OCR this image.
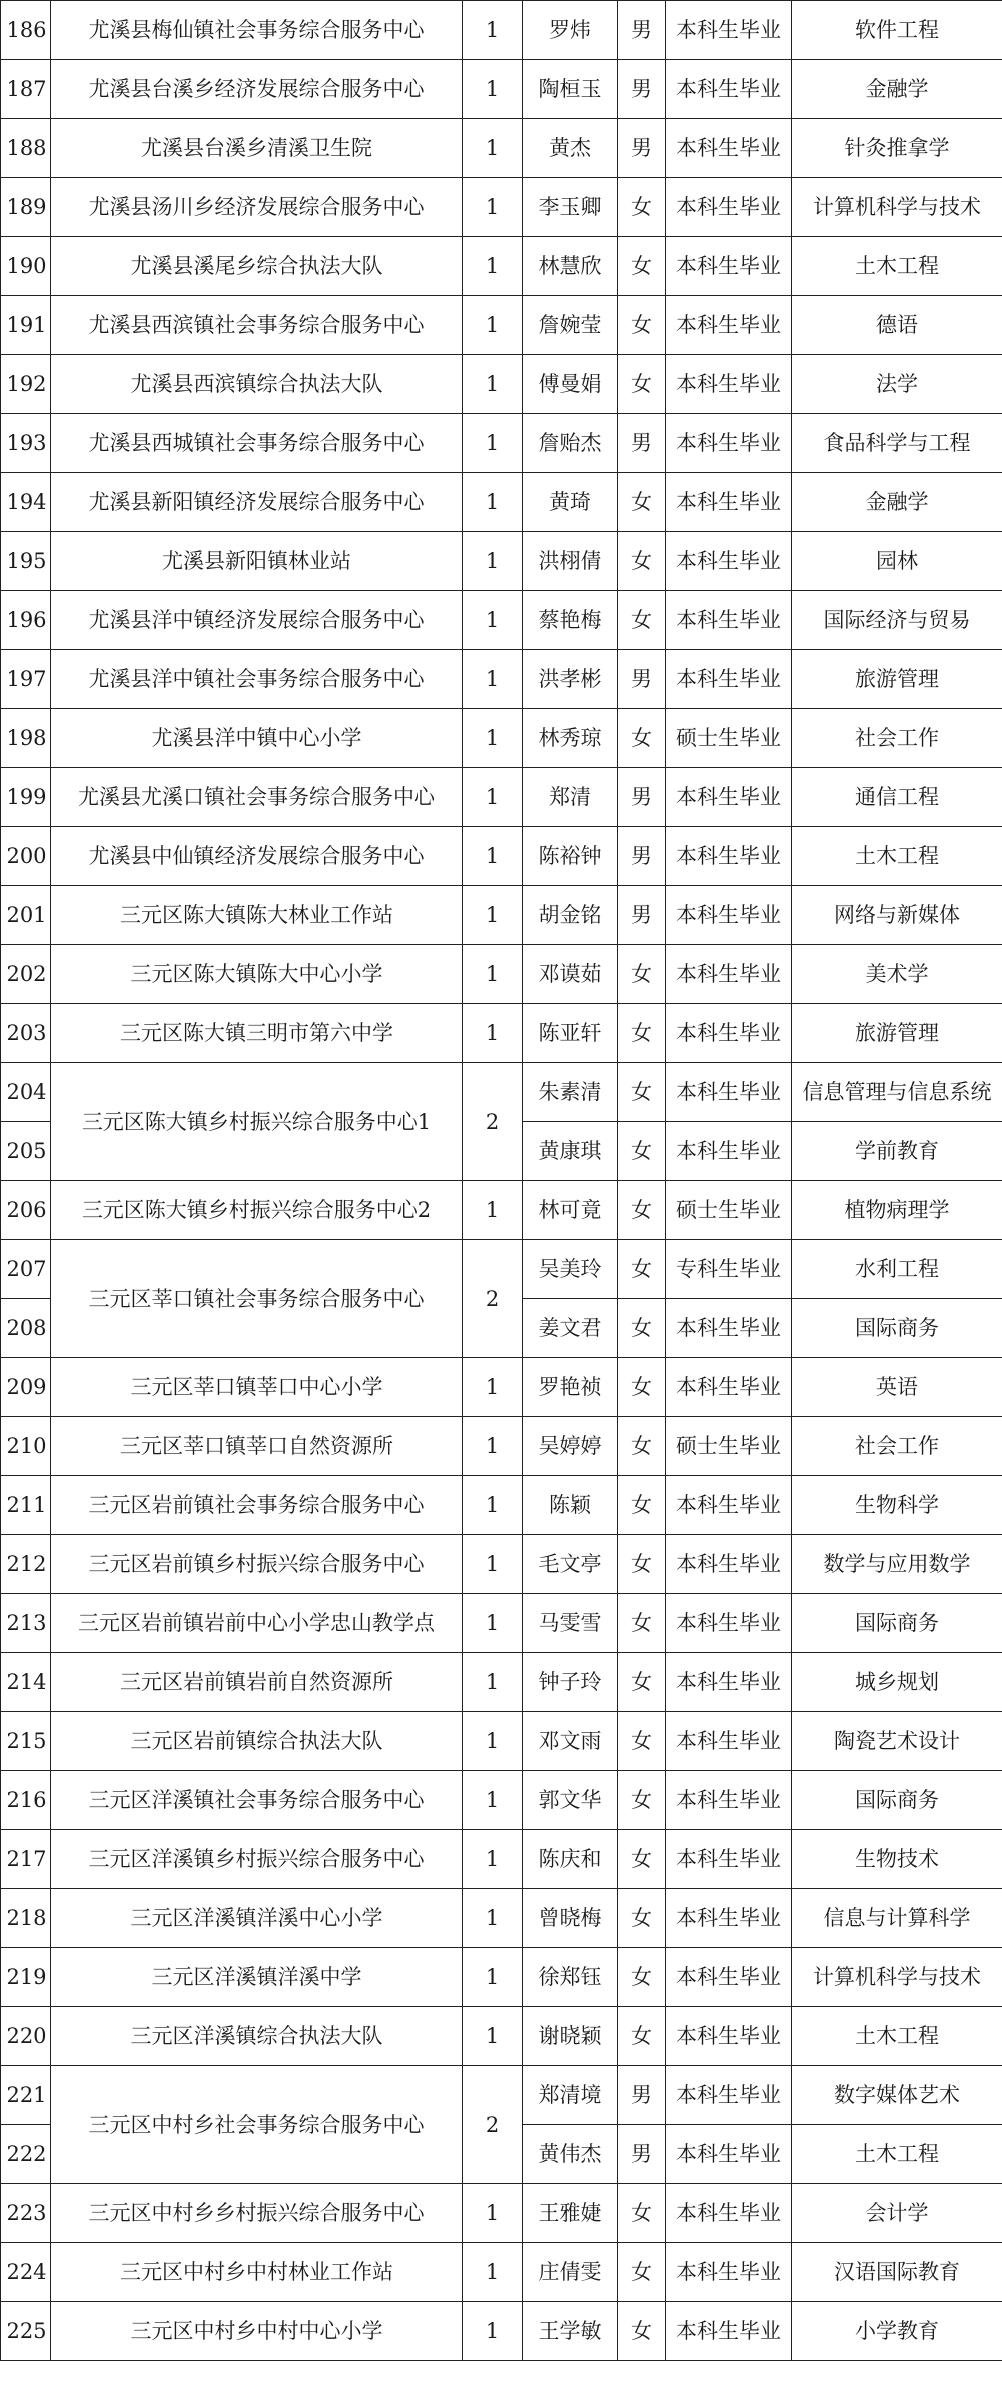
186	尤溪县梅仙镇社会事务综合服务中心	1	罗炜	男	本科生毕业	软件工程
187	尤溪县台溪乡经济发展综合服务中心	1	陶桓玉	男	本科生毕业	金融学
188	尤溪县台溪乡清溪卫生院	1	黄杰	男	本科生毕业	针灸推拿学
189	尤溪县汤川乡经济发展综合服务中心	1	李玉卿	女	本科生毕业	计算机科学与技术
190	尤溪县溪尾乡综合执法大队	1	林慧欣	女	本科生毕业	土木工程
191	尤溪县西滨镇社会事务综合服务中心	1	詹婉莹	女	本科生毕业	德语
192	尤溪县西滨镇综合执法大队	1	傅曼娟	女	本科生毕业	法学
193	尤溪县西城镇社会事务综合服务中心	1	詹贻杰	男	本科生毕业	食品科学与工程
194	尤溪县新阳镇经济发展综合服务中心	1	黄琦	女	本科生毕业	金融学
195	尤溪县新阳镇林业站	1	洪栩倩	女	本科生毕业	园林
196	尤溪县洋中镇经济发展综合服务中心	1	蔡艳梅	女	本科生毕业	国际经济与贸易
197	尤溪县洋中镇社会事务综合服务中心	1	洪孝彬	男	本科生毕业	旅游管理
198	尤溪县洋中镇中心小学	1	林秀琼	女	硕士生毕业	社会工作
199	尤溪县尤溪口镇社会事务综合服务中心	1	郑清	男	本科生毕业	通信工程
200	尤溪县中仙镇经济发展综合服务中心	1	陈裕钟	男	本科生毕业	土木工程
201	三元区陈大镇陈大林业工作站	1	胡金铭	男	本科生毕业	网络与新媒体
202	三元区陈大镇陈大中心小学	1	邓谟茹	女	本科生毕业	美术学
203	三元区陈大镇三明市第六中学	1	陈亚轩	女	本科生毕业	旅游管理
204	三元区陈大镇乡村振兴综合服务中心1	2	朱素清	女	本科生毕业	信息管理与信息系统
205			黄康琪	女	本科生毕业	学前教育
206	三元区陈大镇乡村振兴综合服务中心2	1	林可竟	女	硕士生毕业	植物病理学
207	三元区莘口镇社会事务综合服务中心	2	吴美玲	女	专科生毕业	水利工程
208			姜文君	女	本科生毕业	国际商务
209	三元区莘口镇莘口中心小学	1	罗艳祯	女	本科生毕业	英语
210	三元区莘口镇莘口自然资源所	1	吴婷婷	女	硕士生毕业	社会工作
211	三元区岩前镇社会事务综合服务中心	1	陈颖	女	本科生毕业	生物科学
212	三元区岩前镇乡村振兴综合服务中心	1	毛文亭	女	本科生毕业	数学与应用数学
213	三元区岩前镇岩前中心小学忠山教学点	1	马雯雪	女	本科生毕业	国际商务
214	三元区岩前镇岩前自然资源所	1	钟子玲	女	本科生毕业	城乡规划
215	三元区岩前镇综合执法大队	1	邓文雨	女	本科生毕业	陶瓷艺术设计
216	三元区洋溪镇社会事务综合服务中心	1	郭文华	女	本科生毕业	国际商务
217	三元区洋溪镇乡村振兴综合服务中心	1	陈庆和	女	本科生毕业	生物技术
218	三元区洋溪镇洋溪中心小学	1	曾晓梅	女	本科生毕业	信息与计算科学
219	三元区洋溪镇洋溪中学	1	徐郑钰	女	本科生毕业	计算机科学与技术
220	三元区洋溪镇综合执法大队	1	谢晓颖	女	本科生毕业	土木工程
221	三元区中村乡社会事务综合服务中心	2	郑清境	男	本科生毕业	数字媒体艺术
222			黄伟杰	男	本科生毕业	土木工程
223	三元区中村乡乡村振兴综合服务中心	1	王雅婕	女	本科生毕业	会计学
224	三元区中村乡中村林业工作站	1	庄倩雯	女	本科生毕业	汉语国际教育
225	三元区中村乡中村中心小学	1	王学敏	女	本科生毕业	小学教育
